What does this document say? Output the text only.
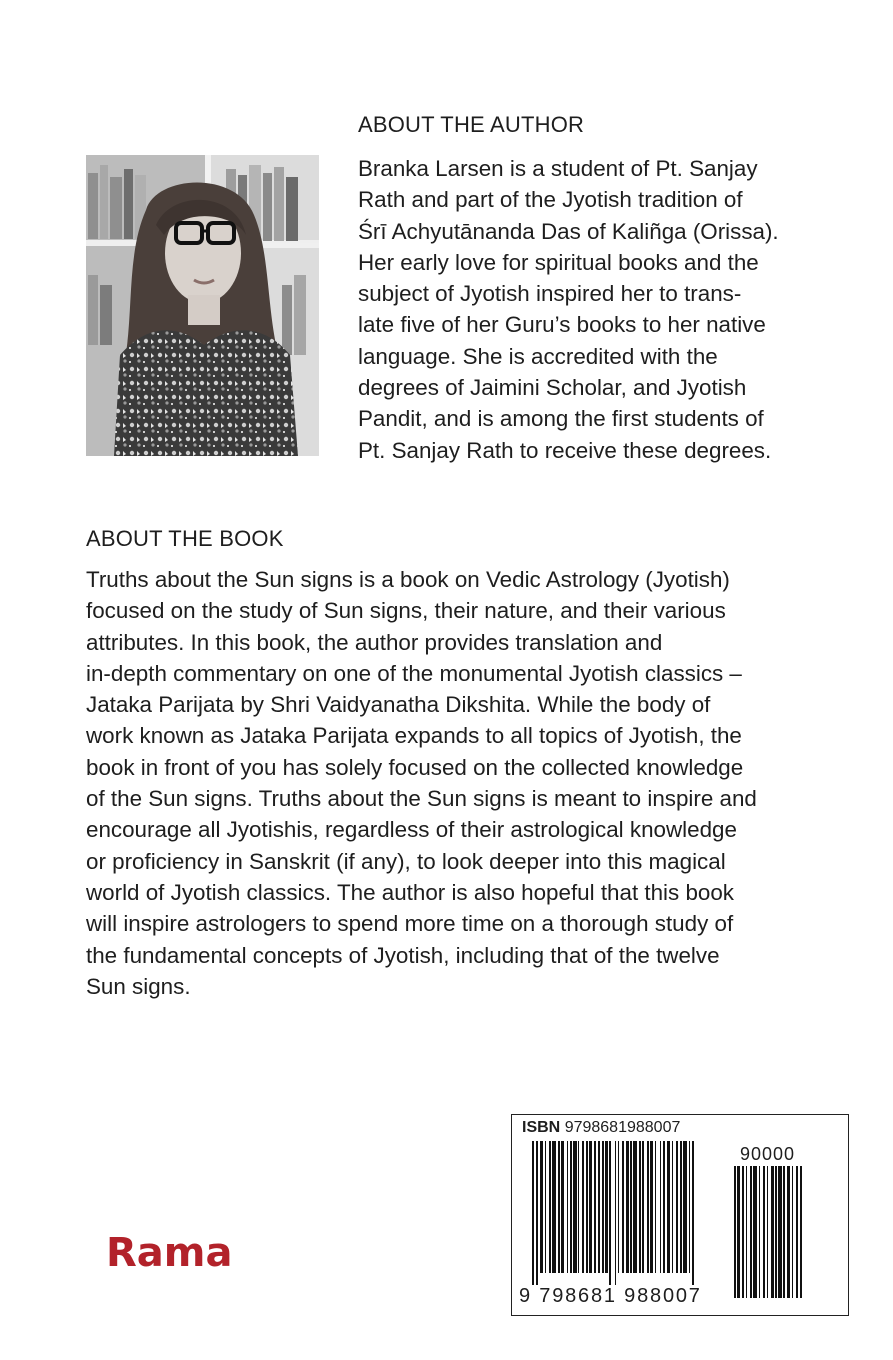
ABOUT THE AUTHOR
Branka Larsen is a student of Pt. Sanjay
Rath and part of the Jyotish tradition of
Śrī Achyutānanda Das of Kaliñga (Orissa).
Her early love for spiritual books and the
subject of Jyotish inspired her to trans-
late five of her Guru’s books to her native
language. She is accredited with the
degrees of Jaimini Scholar, and Jyotish
Pandit, and is among the first students of
Pt. Sanjay Rath to receive these degrees.
ABOUT THE BOOK
Truths about the Sun signs is a book on Vedic Astrology (Jyotish)
focused on the study of Sun signs, their nature, and their various
attributes. In this book, the author provides translation and
in-depth commentary on one of the monumental Jyotish classics –
Jataka Parijata by Shri Vaidyanatha Dikshita. While the body of
work known as Jataka Parijata expands to all topics of Jyotish, the
book in front of you has solely focused on the collected knowledge
of the Sun signs. Truths about the Sun signs is meant to inspire and
encourage all Jyotishis, regardless of their astrological knowledge
or proficiency in Sanskrit (if any), to look deeper into this magical
world of Jyotish classics. The author is also hopeful that this book
will inspire astrologers to spend more time on a thorough study of
the fundamental concepts of Jyotish, including that of the twelve
Sun signs.
Rama
ISBN 9798681988007
90000
9 798681 988007
